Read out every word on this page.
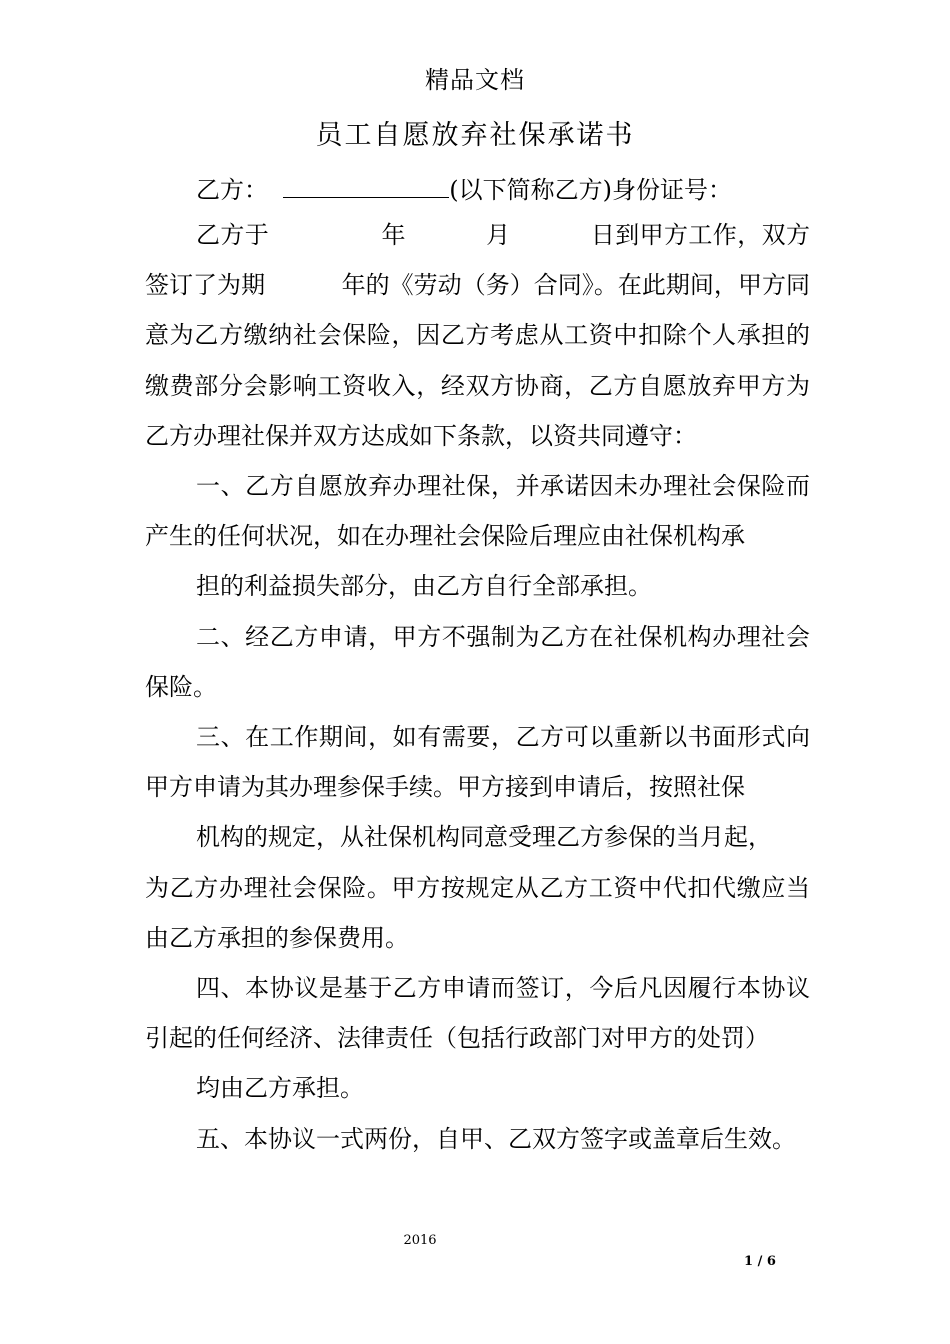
精品文档
员工自愿放弃社保承诺书
乙方：	(以下简称乙方)身份证号：

乙方于              年          月          日到甲方工作，双方签订了为期          年的《劳动（务）合同》。在此期间，甲方同意为乙方缴纳社会保险，因乙方考虑从工资中扣除个人承担的缴费部分会影响工资收入，经双方协商，乙方自愿放弃甲方为乙方办理社保并双方达成如下条款，以资共同遵守：

一、乙方自愿放弃办理社保，并承诺因未办理社会保险而产生的任何状况，如在办理社会保险后理应由社保机构承

担的利益损失部分，由乙方自行全部承担。

二、经乙方申请，甲方不强制为乙方在社保机构办理社会保险。

三、在工作期间，如有需要，乙方可以重新以书面形式向甲方申请为其办理参保手续。甲方接到申请后，按照社保

机构的规定，从社保机构同意受理乙方参保的当月起，

为乙方办理社会保险。甲方按规定从乙方工资中代扣代缴应当由乙方承担的参保费用。

四、本协议是基于乙方申请而签订，今后凡因履行本协议引起的任何经济、法律责任（包括行政部门对甲方的处罚）

均由乙方承担。

五、本协议一式两份，自甲、乙双方签字或盖章后生效。

2016
1 / 6
